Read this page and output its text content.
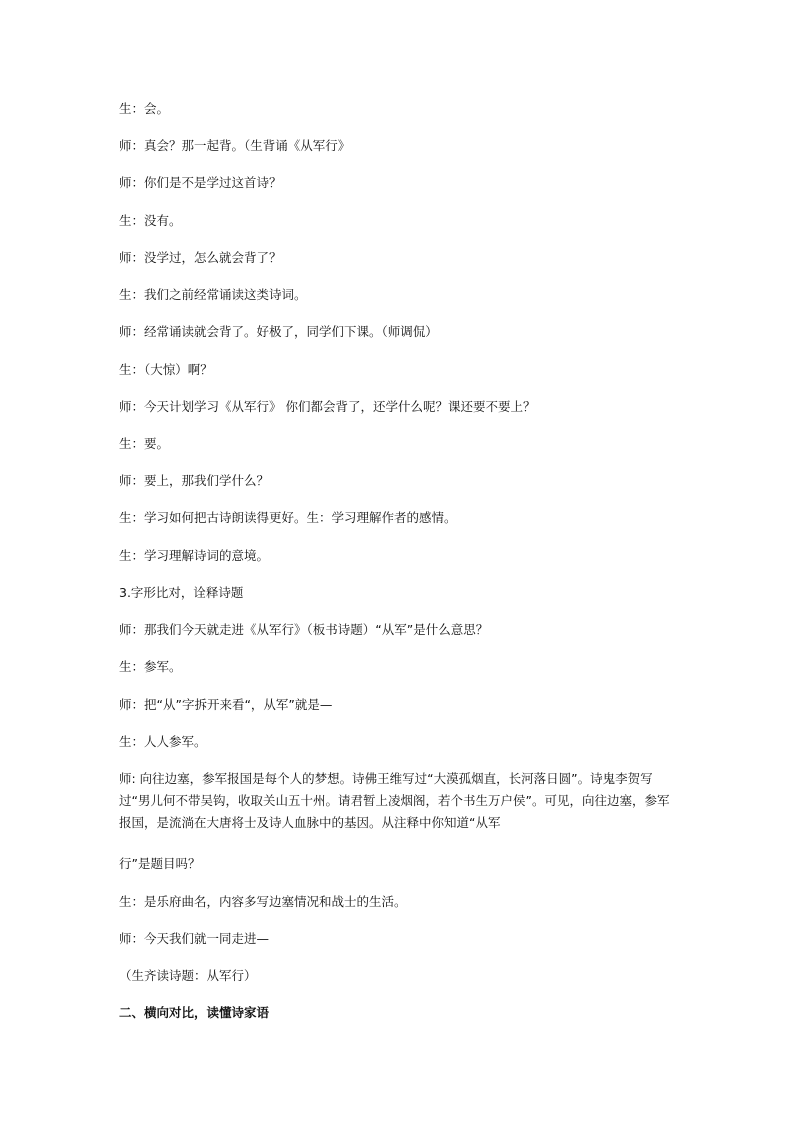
生：会。
师：真会？那一起背。（生背诵《从军行》
师：你们是不是学过这首诗？
生：没有。
师：没学过，怎么就会背了？
生：我们之前经常诵读这类诗词。
师：经常诵读就会背了。好极了，同学们下课。（师调侃）
生：（大惊）啊？
师：今天计划学习《从军行》 你们都会背了，还学什么呢？课还要不要上？
生：要。
师：要上，那我们学什么？
生：学习如何把古诗朗读得更好。生：学习理解作者的感情。
生：学习理解诗词的意境。
3.字形比对，诠释诗题
师：那我们今天就走进《从军行》（板书诗题）“从军”是什么意思？
生：参军。
师：把“从”字拆开来看“，从军”就是—
生：人人参军。
师: 向往边塞，参军报国是每个人的梦想。诗佛王维写过“大漠孤烟直，长河落日圆”。诗鬼李贺写过“男儿何不带吴钩，收取关山五十州。请君暂上凌烟阁，若个书生万户侯”。可见，向往边塞，参军报国，是流淌在大唐将士及诗人血脉中的基因。从注释中你知道“从军
行”是题目吗？
生：是乐府曲名，内容多写边塞情况和战士的生活。
师：今天我们就一同走进—
（生齐读诗题：从军行）
二、横向对比，读懂诗家语
